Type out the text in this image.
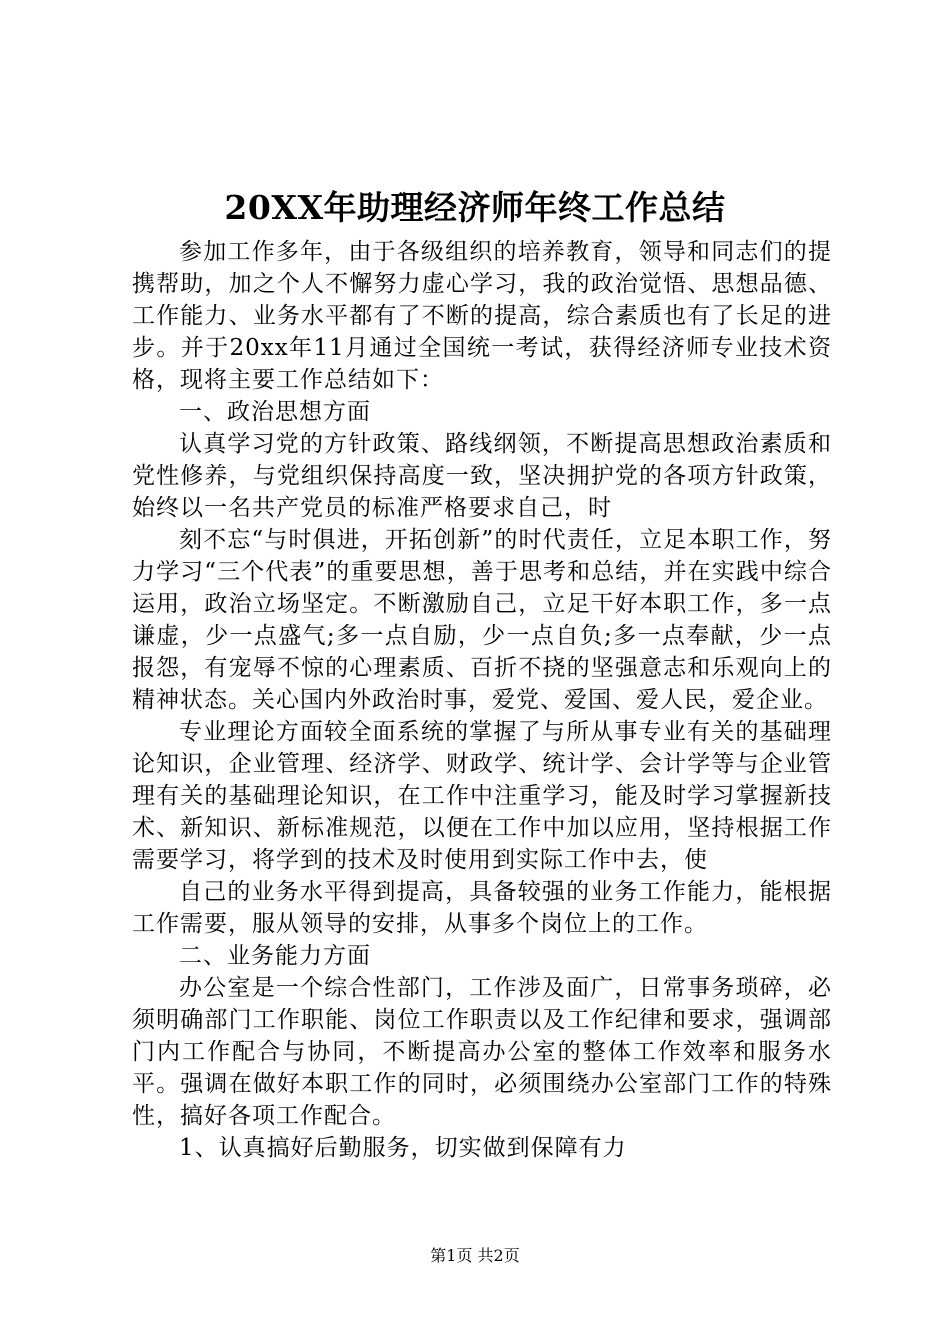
20XX年助理经济师年终工作总结

参加工作多年，由于各级组织的培养教育，领导和同志们的提携帮助，加之个人不懈努力虚心学习，我的政治觉悟、思想品德、工作能力、业务水平都有了不断的提高，综合素质也有了长足的进步。并于20xx年11月通过全国统一考试，获得经济师专业技术资格，现将主要工作总结如下：

一、政治思想方面

认真学习党的方针政策、路线纲领，不断提高思想政治素质和党性修养，与党组织保持高度一致，坚决拥护党的各项方针政策，始终以一名共产党员的标准严格要求自己，时

刻不忘“与时俱进，开拓创新”的时代责任，立足本职工作，努力学习“三个代表”的重要思想，善于思考和总结，并在实践中综合运用，政治立场坚定。不断激励自己，立足干好本职工作，多一点谦虚，少一点盛气;多一点自励，少一点自负;多一点奉献，少一点报怨，有宠辱不惊的心理素质、百折不挠的坚强意志和乐观向上的精神状态。关心国内外政治时事，爱党、爱国、爱人民，爱企业。

专业理论方面较全面系统的掌握了与所从事专业有关的基础理论知识，企业管理、经济学、财政学、统计学、会计学等与企业管理有关的基础理论知识，在工作中注重学习，能及时学习掌握新技术、新知识、新标准规范，以便在工作中加以应用，坚持根据工作需要学习，将学到的技术及时使用到实际工作中去，使

自己的业务水平得到提高，具备较强的业务工作能力，能根据工作需要，服从领导的安排，从事多个岗位上的工作。

二、业务能力方面

办公室是一个综合性部门，工作涉及面广，日常事务琐碎，必须明确部门工作职能、岗位工作职责以及工作纪律和要求，强调部门内工作配合与协同，不断提高办公室的整体工作效率和服务水平。强调在做好本职工作的同时，必须围绕办公室部门工作的特殊性，搞好各项工作配合。

1、认真搞好后勤服务，切实做到保障有力

第1页 共2页
